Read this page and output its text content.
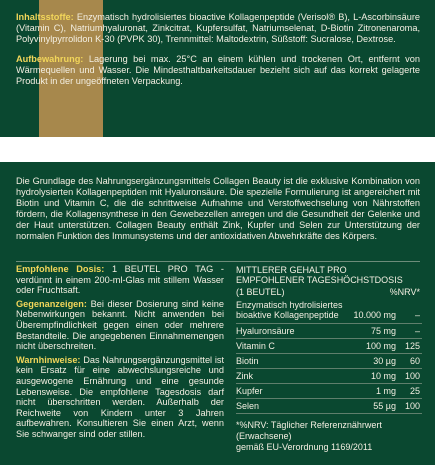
Inhaltsstoffe: Enzymatisch hydrolisiertes bioactive Kollagenpeptide (Verisol® B), L-Ascorbinsäure (Vitamin C), Natriumhyaluronat, Zinkcitrat, Kupfersulfat, Natriumselenat, D-Biotin Zitronenaroma, Polyvinylpyrrolidon K-30 (PVPK 30), Trennmittel: Maltodextrin, Süßstoff: Sucralose, Dextrose.

Aufbewahrung: Lagerung bei max. 25°C an einem kühlen und trockenen Ort, entfernt von Wärmequellen und Wasser. Die Mindesthaltbarkeitsdauer bezieht sich auf das korrekt gelagerte Produkt in der ungeöffneten Verpackung.

Die Grundlage des Nahrungsergänzungsmittels Collagen Beauty ist die exklusive Kombination von hydrolysierten Kollagenpeptiden mit Hyaluronsäure. Die spezielle Formulierung ist angereichert mit Biotin und Vitamin C, die die schrittweise Aufnahme und Verstoffwechselung von Nährstoffen fördern, die Kollagensynthese in den Gewebezellen anregen und die Gesundheit der Gelenke und der Haut unterstützen. Collagen Beauty enthält Zink, Kupfer und Selen zur Unterstützung der normalen Funktion des Immunsystems und der antioxidativen Abwehrkräfte des Körpers.

Empfohlene Dosis: 1 BEUTEL PRO TAG - verdünnt in einem 200-ml-Glas mit stillem Wasser oder Fruchtsaft.

Gegenanzeigen: Bei dieser Dosierung sind keine Nebenwirkungen bekannt. Nicht anwenden bei Überempfindlichkeit gegen einen oder mehrere Bestandteile. Die angegebenen Einnahmemengen nicht überschreiten.

Warnhinweise: Das Nahrungsergänzungsmittel ist kein Ersatz für eine abwechslungsreiche und ausgewogene Ernährung und eine gesunde Lebensweise. Die empfohlene Tagesdosis darf nicht überschritten werden. Außerhalb der Reichweite von Kindern unter 3 Jahren aufbewahren. Konsultieren Sie einen Arzt, wenn Sie schwanger sind oder stillen.

MITTLERER GEHALT PRO
EMPFOHLENER TAGESHÖCHSTDOSIS
(1 BEUTEL)	%NRV*
Enzymatisch hydrolisiertes
bioaktive Kollagenpeptide	10.000 mg –
Hyaluronsäure	75 mg –
Vitamin C	100 mg 125
Biotin	30 µg 60
Zink	10 mg 100
Kupfer	1 mg 25
Selen	55 µg 100
*%NRV: Täglicher Referenznährwert
(Erwachsene)
gemäß EU-Verordnung 1169/2011
